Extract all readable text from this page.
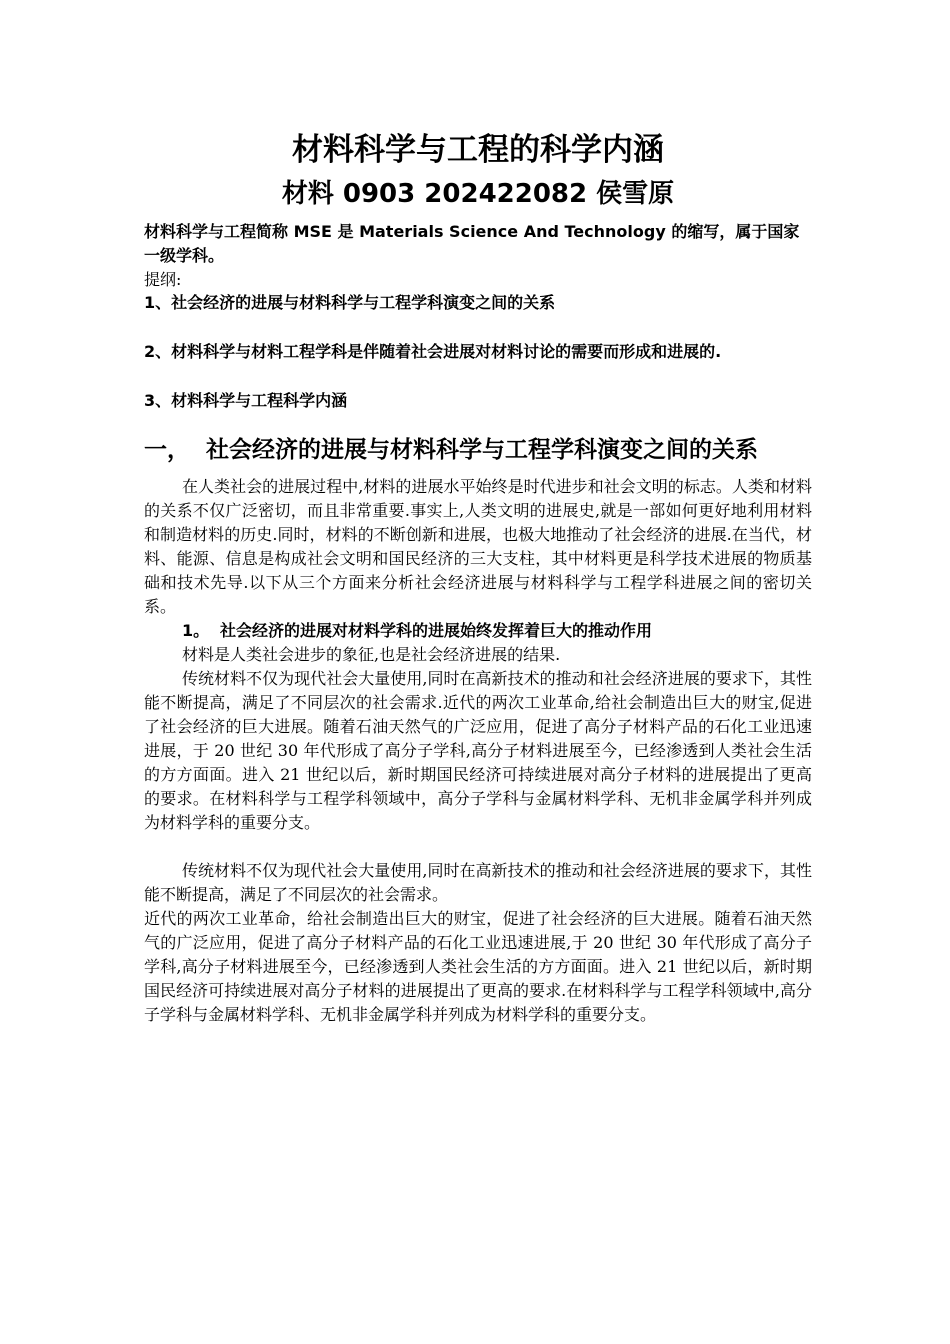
材料科学与工程的科学内涵
材料 0903 202422082 侯雪原

材料科学与工程简称 MSE 是 Materials Science And Technology 的缩写，属于国家一级学科。

提纲:

1、社会经济的进展与材料科学与工程学科演变之间的关系

2、材料科学与材料工程学科是伴随着社会进展对材料讨论的需要而形成和进展的.

3、材料科学与工程科学内涵

一， 社会经济的进展与材料科学与工程学科演变之间的关系

在人类社会的进展过程中,材料的进展水平始终是时代进步和社会文明的标志。人类和材料的关系不仅广泛密切，而且非常重要.事实上,人类文明的进展史,就是一部如何更好地利用材料和制造材料的历史.同时，材料的不断创新和进展，也极大地推动了社会经济的进展.在当代，材料、能源、信息是构成社会文明和国民经济的三大支柱，其中材料更是科学技术进展的物质基础和技术先导.以下从三个方面来分析社会经济进展与材料科学与工程学科进展之间的密切关系。

1。 社会经济的进展对材料学科的进展始终发挥着巨大的推动作用

材料是人类社会进步的象征,也是社会经济进展的结果.

传统材料不仅为现代社会大量使用,同时在高新技术的推动和社会经济进展的要求下，其性能不断提高，满足了不同层次的社会需求.近代的两次工业革命,给社会制造出巨大的财宝,促进了社会经济的巨大进展。随着石油天然气的广泛应用，促进了高分子材料产品的石化工业迅速进展，于 20 世纪 30 年代形成了高分子学科,高分子材料进展至今，已经渗透到人类社会生活的方方面面。进入 21 世纪以后，新时期国民经济可持续进展对高分子材料的进展提出了更高的要求。在材料科学与工程学科领域中，高分子学科与金属材料学科、无机非金属学科并列成为材料学科的重要分支。

传统材料不仅为现代社会大量使用,同时在高新技术的推动和社会经济进展的要求下，其性能不断提高，满足了不同层次的社会需求。

近代的两次工业革命，给社会制造出巨大的财宝，促进了社会经济的巨大进展。随着石油天然气的广泛应用，促进了高分子材料产品的石化工业迅速进展,于 20 世纪 30 年代形成了高分子学科,高分子材料进展至今，已经渗透到人类社会生活的方方面面。进入 21 世纪以后，新时期国民经济可持续进展对高分子材料的进展提出了更高的要求.在材料科学与工程学科领域中,高分子学科与金属材料学科、无机非金属学科并列成为材料学科的重要分支。
